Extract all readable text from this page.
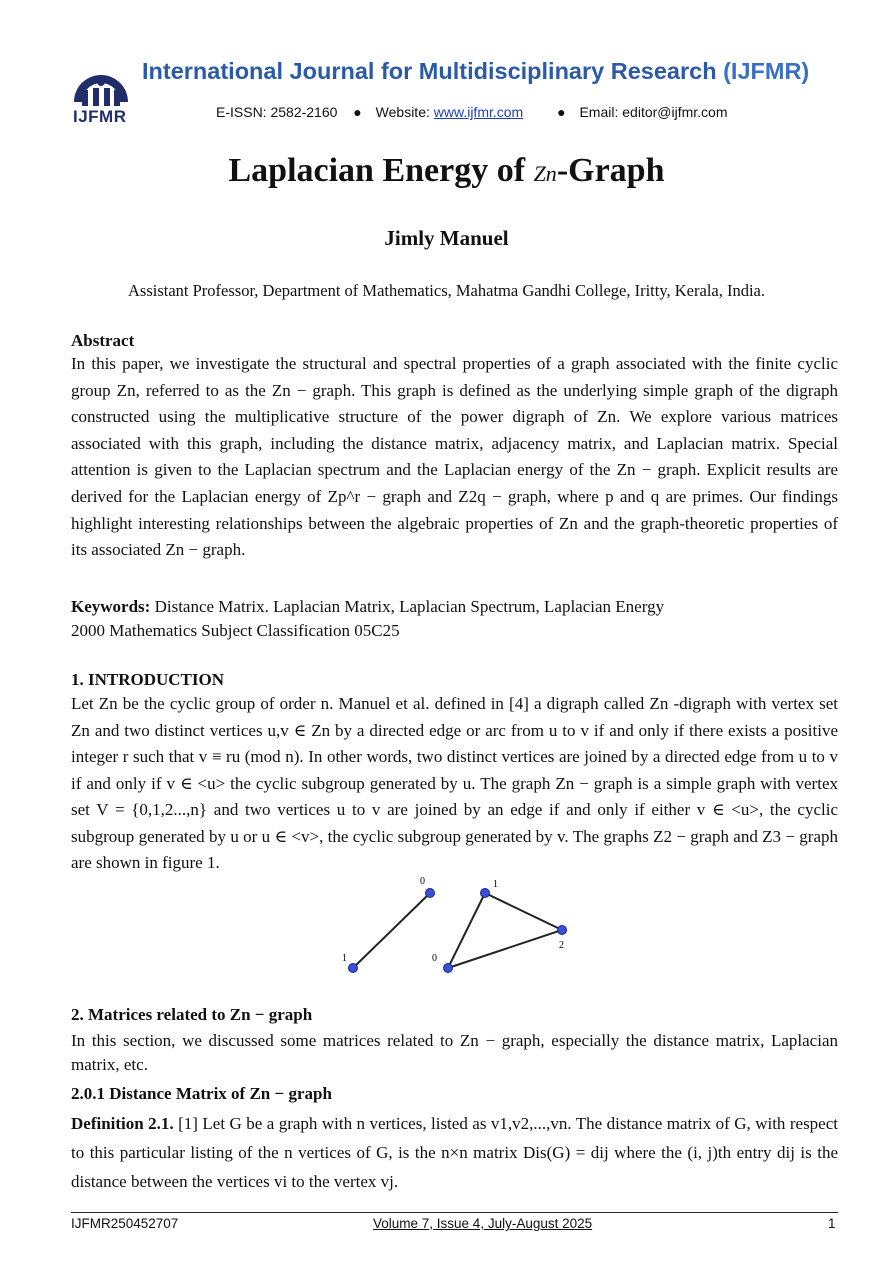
IJFMR
International Journal for Multidisciplinary Research (IJFMR)
E-ISSN: 2582-2160 ● Website: www.ijfmr.com ● Email: editor@ijfmr.com
Laplacian Energy of Zn-Graph
Jimly Manuel
Assistant Professor, Department of Mathematics, Mahatma Gandhi College, Iritty, Kerala, India.
Abstract
In this paper, we investigate the structural and spectral properties of a graph associated with the finite cyclic group Zn, referred to as the Zn − graph. This graph is defined as the underlying simple graph of the digraph constructed using the multiplicative structure of the power digraph of Zn. We explore various matrices associated with this graph, including the distance matrix, adjacency matrix, and Laplacian matrix. Special attention is given to the Laplacian spectrum and the Laplacian energy of the Zn − graph. Explicit results are derived for the Laplacian energy of Zp^r − graph and Z2q − graph, where p and q are primes. Our findings highlight interesting relationships between the algebraic properties of Zn and the graph-theoretic properties of its associated Zn − graph.
Keywords: Distance Matrix. Laplacian Matrix, Laplacian Spectrum, Laplacian Energy
2000 Mathematics Subject Classification 05C25
1. INTRODUCTION
Let Zn be the cyclic group of order n. Manuel et al. defined in [4] a digraph called Zn -digraph with vertex set Zn and two distinct vertices u,v ∈ Zn by a directed edge or arc from u to v if and only if there exists a positive integer r such that v ≡ ru (mod n). In other words, two distinct vertices are joined by a directed edge from u to v if and only if v ∈ <u> the cyclic subgroup generated by u. The graph Zn − graph is a simple graph with vertex set V = {0,1,2...,n} and two vertices u to v are joined by an edge if and only if either v ∈ <u>, the cyclic subgroup generated by u or u ∈ <v>, the cyclic subgroup generated by v. The graphs Z2 − graph and Z3 − graph are shown in figure 1.
0
1
1
2
0
2. Matrices related to Zn − graph
In this section, we discussed some matrices related to Zn − graph, especially the distance matrix, Laplacian matrix, etc.
2.0.1 Distance Matrix of Zn − graph
Definition 2.1. [1] Let G be a graph with n vertices, listed as v1,v2,...,vn. The distance matrix of G, with respect to this particular listing of the n vertices of G, is the n×n matrix Dis(G) = dij where the (i, j)th entry dij is the distance between the vertices vi to the vertex vj.
IJFMR250452707	Volume 7, Issue 4, July-August 2025	1
